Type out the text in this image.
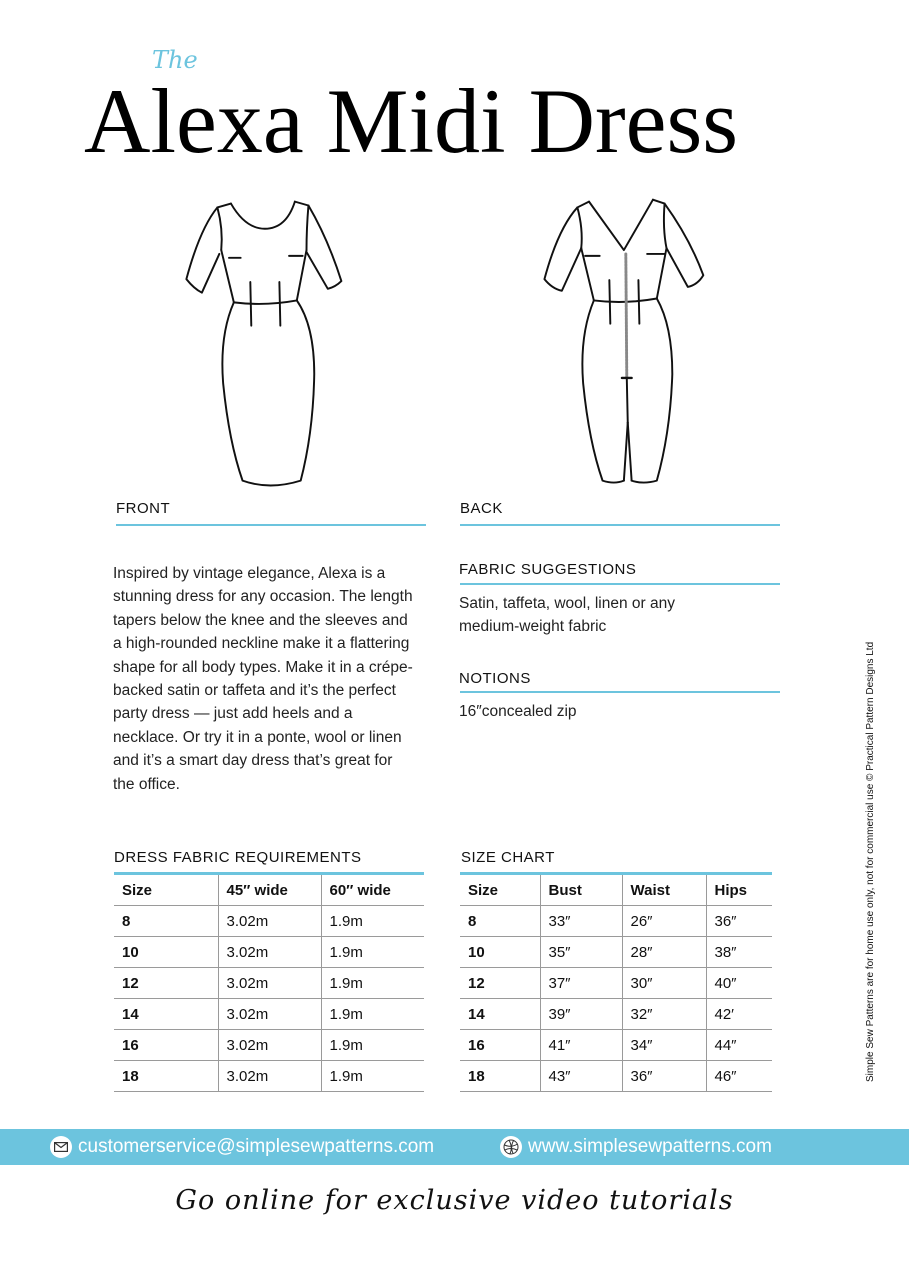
The
Alexa Midi Dress
FRONT	BACK
Inspired by vintage elegance, Alexa is a stunning dress for any occasion. The length tapers below the knee and the sleeves and a high-rounded neckline make it a flattering shape for all body types. Make it in a crépe-backed satin or taffeta and it’s the perfect party dress — just add heels and a necklace. Or try it in a ponte, wool or linen and it’s a smart day dress that’s great for the office.
FABRIC SUGGESTIONS
Satin, taffeta, wool, linen or any medium-weight fabric
NOTIONS
16″concealed zip
DRESS FABRIC REQUIREMENTS
Size	45″ wide	60″ wide
8	3.02m	1.9m
10	3.02m	1.9m
12	3.02m	1.9m
14	3.02m	1.9m
16	3.02m	1.9m
18	3.02m	1.9m
SIZE CHART
Size	Bust	Waist	Hips
8	33″	26″	36″
10	35″	28″	38″
12	37″	30″	40″
14	39″	32″	42′
16	41″	34″	44″
18	43″	36″	46″	Simple Sew Patterns are for home use only, not for commercial use © Practical Pattern Designs Ltd
customerservice@simplesewpatterns.com	www.simplesewpatterns.com
Go online for exclusive video tutorials
